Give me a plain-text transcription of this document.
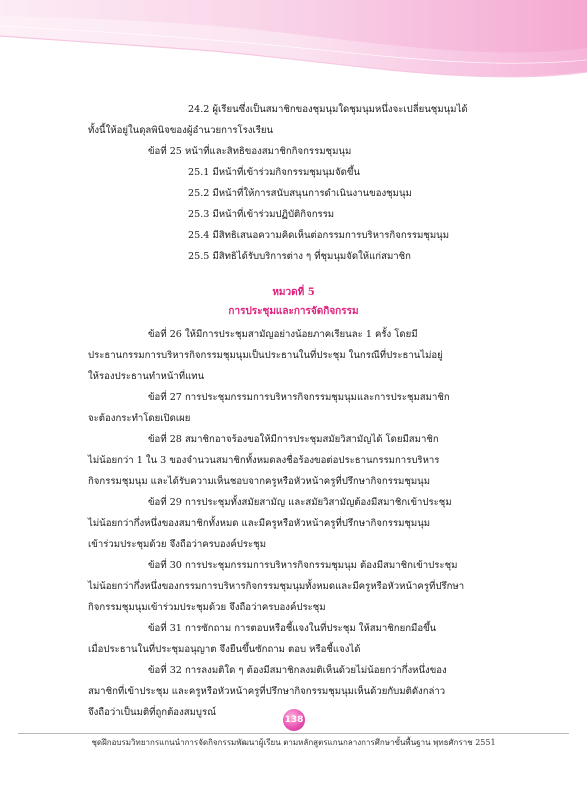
24.2 ผู้เรียนซึ่งเป็นสมาชิกของชุมนุมใดชุมนุมหนึ่งจะเปลี่ยนชุมนุมได้
ทั้งนี้ให้อยู่ในดุลพินิจของผู้อำนวยการโรงเรียน
ข้อที่ 25 หน้าที่และสิทธิของสมาชิกกิจกรรมชุมนุม
25.1 มีหน้าที่เข้าร่วมกิจกรรมชุมนุมจัดขึ้น
25.2 มีหน้าที่ให้การสนับสนุนการดำเนินงานของชุมนุม
25.3 มีหน้าที่เข้าร่วมปฏิบัติกิจกรรม
25.4 มีสิทธิเสนอความคิดเห็นต่อกรรมการบริหารกิจกรรมชุมนุม
25.5 มีสิทธิได้รับบริการต่าง ๆ ที่ชุมนุมจัดให้แก่สมาชิก
หมวดที่ 5
การประชุมและการจัดกิจกรรม
ข้อที่ 26 ให้มีการประชุมสามัญอย่างน้อยภาคเรียนละ 1 ครั้ง โดยมี
ประธานกรรมการบริหารกิจกรรมชุมนุมเป็นประธานในที่ประชุม ในกรณีที่ประธานไม่อยู่
ให้รองประธานทำหน้าที่แทน
ข้อที่ 27 การประชุมกรรมการบริหารกิจกรรมชุมนุมและการประชุมสมาชิก
จะต้องกระทำโดยเปิดเผย
ข้อที่ 28 สมาชิกอาจร้องขอให้มีการประชุมสมัยวิสามัญได้ โดยมีสมาชิก
ไม่น้อยกว่า 1 ใน 3 ของจำนวนสมาชิกทั้งหมดลงชื่อร้องขอต่อประธานกรรมการบริหาร
กิจกรรมชุมนุม และได้รับความเห็นชอบจากครูหรือหัวหน้าครูที่ปรึกษากิจกรรมชุมนุม
ข้อที่ 29 การประชุมทั้งสมัยสามัญ และสมัยวิสามัญต้องมีสมาชิกเข้าประชุม
ไม่น้อยกว่ากึ่งหนึ่งของสมาชิกทั้งหมด และมีครูหรือหัวหน้าครูที่ปรึกษากิจกรรมชุมนุม
เข้าร่วมประชุมด้วย จึงถือว่าครบองค์ประชุม
ข้อที่ 30 การประชุมกรรมการบริหารกิจกรรมชุมนุม ต้องมีสมาชิกเข้าประชุม
ไม่น้อยกว่ากึ่งหนึ่งของกรรมการบริหารกิจกรรมชุมนุมทั้งหมดและมีครูหรือหัวหน้าครูที่ปรึกษา
กิจกรรมชุมนุมเข้าร่วมประชุมด้วย จึงถือว่าครบองค์ประชุม
ข้อที่ 31 การซักถาม การตอบหรือชี้แจงในที่ประชุม ให้สมาชิกยกมือขึ้น
เมื่อประธานในที่ประชุมอนุญาต จึงยืนขึ้นซักถาม ตอบ หรือชี้แจงได้
ข้อที่ 32 การลงมติใด ๆ ต้องมีสมาชิกลงมติเห็นด้วยไม่น้อยกว่ากึ่งหนึ่งของ
สมาชิกที่เข้าประชุม และครูหรือหัวหน้าครูที่ปรึกษากิจกรรมชุมนุมเห็นด้วยกับมติดังกล่าว
จึงถือว่าเป็นมติที่ถูกต้องสมบูรณ์
138
ชุดฝึกอบรมวิทยากรแกนนำการจัดกิจกรรมพัฒนาผู้เรียน ตามหลักสูตรแกนกลางการศึกษาขั้นพื้นฐาน พุทธศักราช 2551
